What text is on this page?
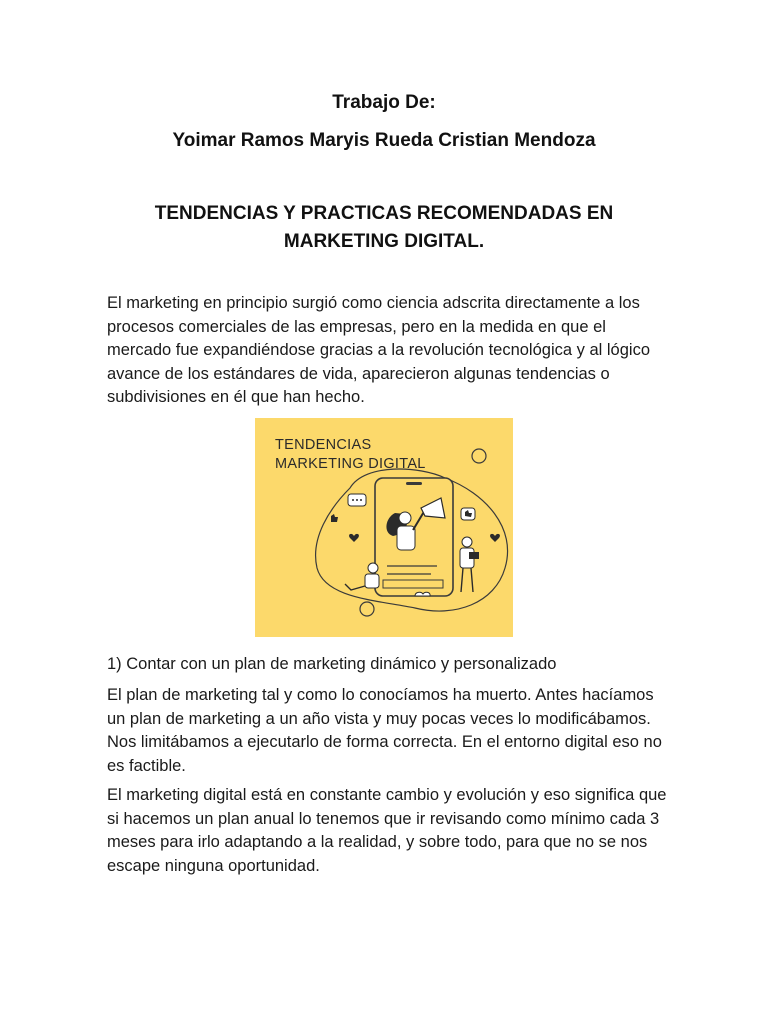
Trabajo De:
Yoimar Ramos Maryis Rueda Cristian Mendoza
TENDENCIAS Y PRACTICAS RECOMENDADAS EN
MARKETING DIGITAL.

El marketing en principio surgió como ciencia adscrita directamente a los procesos comerciales de las empresas, pero en la medida en que el mercado fue expandiéndose gracias a la revolución tecnológica y al lógico avance de los estándares de vida, aparecieron algunas tendencias o subdivisiones en él que han hecho.

TENDENCIAS
MARKETING DIGITAL
1) Contar con un plan de marketing dinámico y personalizado

El plan de marketing tal y como lo conocíamos ha muerto. Antes hacíamos un plan de marketing a un año vista y muy pocas veces lo modificábamos. Nos limitábamos a ejecutarlo de forma correcta. En el entorno digital eso no es factible.

El marketing digital está en constante cambio y evolución y eso significa que si hacemos un plan anual lo tenemos que ir revisando como mínimo cada 3 meses para irlo adaptando a la realidad, y sobre todo, para que no se nos escape ninguna oportunidad.
